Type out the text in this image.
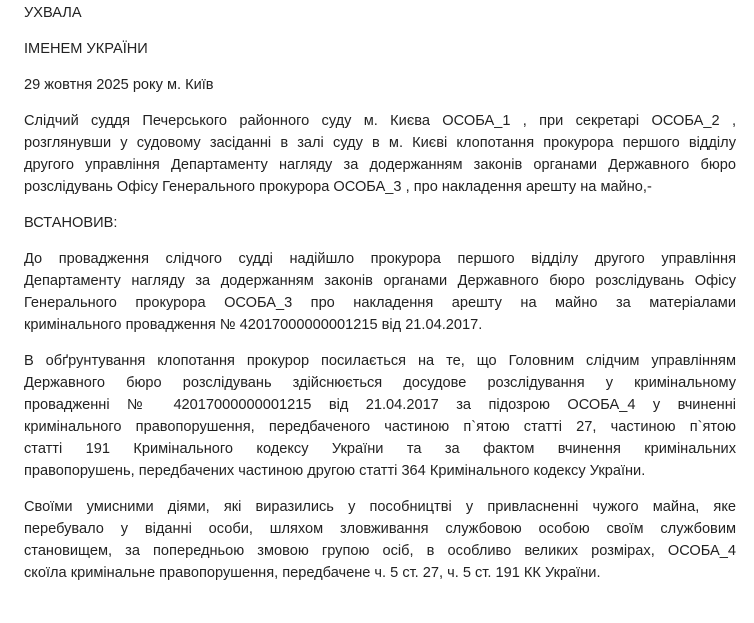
УХВАЛА

ІМЕНЕМ УКРАЇНИ

29 жовтня 2025 року м. Київ

Слідчий суддя Печерського районного суду м. Києва ОСОБА_1 , при секретарі ОСОБА_2 ,
розглянувши у судовому засіданні в залі суду в м. Києві клопотання прокурора першого відділу
другого управління Департаменту нагляду за додержанням законів органами Державного бюро
розслідувань Офісу Генерального прокурора ОСОБА_3 , про накладення арешту на майно,-

ВСТАНОВИВ:

До провадження слідчого судді надійшло прокурора першого відділу другого управління
Департаменту нагляду за додержанням законів органами Державного бюро розслідувань Офісу
Генерального прокурора ОСОБА_3 про накладення арешту на майно за матеріалами
кримінального провадження № 42017000000001215 від 21.04.2017.
В обґрунтування клопотання прокурор посилається на те, що Головним слідчим управлінням
Державного бюро розслідувань здійснюється досудове розслідування у кримінальному
провадженні № 42017000000001215 від 21.04.2017 за підозрою ОСОБА_4 у вчиненні
кримінального правопорушення, передбаченого частиною п`ятою статті 27, частиною п`ятою
статті 191 Кримінального кодексу України та за фактом вчинення кримінальних
правопорушень, передбачених частиною другою статті 364 Кримінального кодексу України.
Своїми умисними діями, які виразились у пособництві у привласненні чужого майна, яке
перебувало у віданні особи, шляхом зловживання службовою особою своїм службовим
становищем, за попередньою змовою групою осіб, в особливо великих розмірах, ОСОБА_4
скоїла кримінальне правопорушення, передбачене ч. 5 ст. 27, ч. 5 ст. 191 КК України.
